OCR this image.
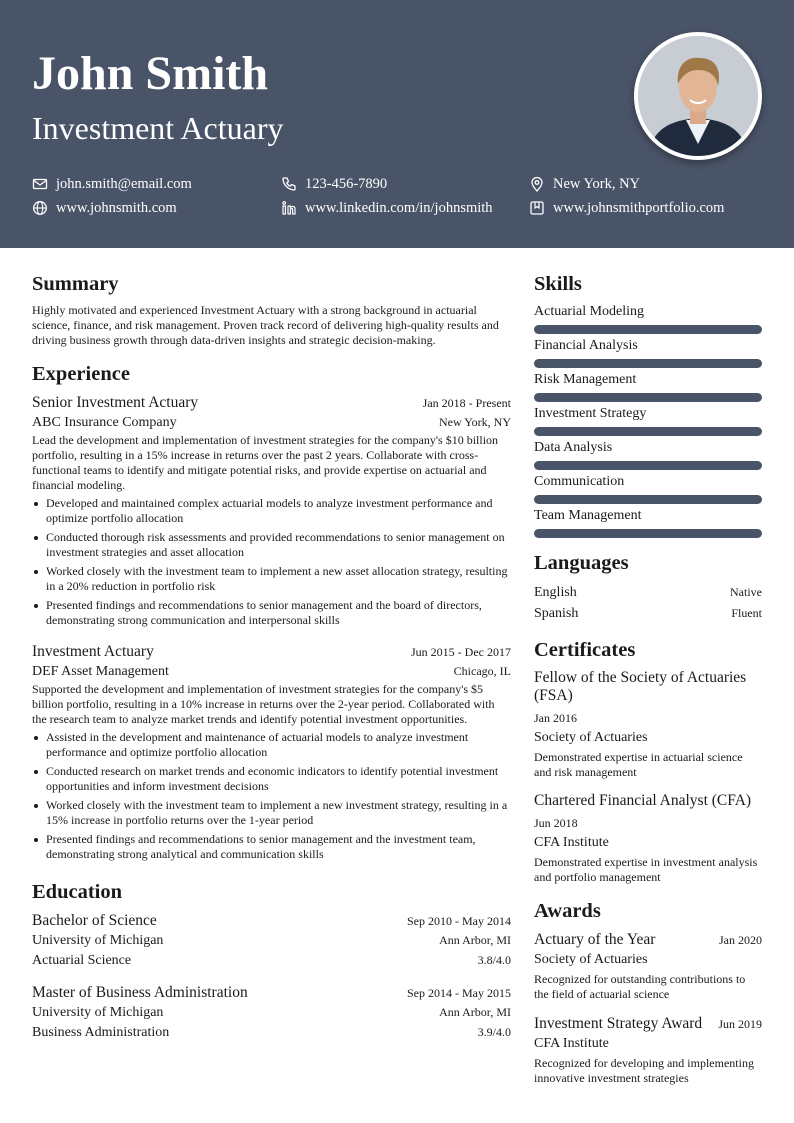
John Smith
Investment Actuary
john.smith@email.com	123-456-7890	New York, NY
www.johnsmith.com	www.linkedin.com/in/johnsmith	www.johnsmithportfolio.com
Summary
Highly motivated and experienced Investment Actuary with a strong background in actuarial science, finance, and risk management. Proven track record of delivering high-quality results and driving business growth through data-driven insights and strategic decision-making.
Experience
Senior Investment Actuary	Jan 2018 - Present
ABC Insurance Company	New York, NY
Lead the development and implementation of investment strategies for the company's $10 billion portfolio, resulting in a 15% increase in returns over the past 2 years. Collaborate with cross-functional teams to identify and mitigate potential risks, and provide expertise on actuarial and financial modeling.
Developed and maintained complex actuarial models to analyze investment performance and optimize portfolio allocation
Conducted thorough risk assessments and provided recommendations to senior management on investment strategies and asset allocation
Worked closely with the investment team to implement a new asset allocation strategy, resulting in a 20% reduction in portfolio risk
Presented findings and recommendations to senior management and the board of directors, demonstrating strong communication and interpersonal skills
Investment Actuary	Jun 2015 - Dec 2017
DEF Asset Management	Chicago, IL
Supported the development and implementation of investment strategies for the company's $5 billion portfolio, resulting in a 10% increase in returns over the 2-year period. Collaborated with the research team to analyze market trends and identify potential investment opportunities.
Assisted in the development and maintenance of actuarial models to analyze investment performance and optimize portfolio allocation
Conducted research on market trends and economic indicators to identify potential investment opportunities and inform investment decisions
Worked closely with the investment team to implement a new investment strategy, resulting in a 15% increase in portfolio returns over the 1-year period
Presented findings and recommendations to senior management and the investment team, demonstrating strong analytical and communication skills
Education
Bachelor of Science	Sep 2010 - May 2014
University of Michigan	Ann Arbor, MI
Actuarial Science	3.8/4.0
Master of Business Administration	Sep 2014 - May 2015
University of Michigan	Ann Arbor, MI
Business Administration	3.9/4.0
Skills
Actuarial Modeling
Financial Analysis
Risk Management
Investment Strategy
Data Analysis
Communication
Team Management
Languages
English	Native
Spanish	Fluent
Certificates
Fellow of the Society of Actuaries (FSA)
Jan 2016
Society of Actuaries
Demonstrated expertise in actuarial science and risk management
Chartered Financial Analyst (CFA)
Jun 2018
CFA Institute
Demonstrated expertise in investment analysis and portfolio management
Awards
Actuary of the Year	Jan 2020
Society of Actuaries
Recognized for outstanding contributions to the field of actuarial science
Investment Strategy Award Jun 2019
CFA Institute
Recognized for developing and implementing innovative investment strategies
